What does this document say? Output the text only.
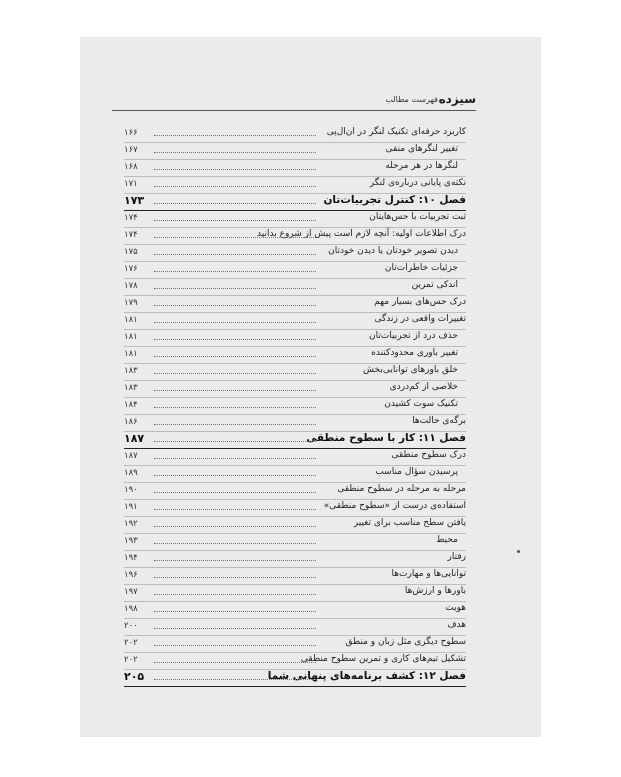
سیزده
فهرست مطالب
کاربرد حرفه‌ای تکنیک لنگر در ان‌ال‌پی
۱۶۶
تغییر لنگرهای منفی
۱۶۷
لنگرها در هر مرحله
۱۶۸
نکته‌ی پایانی درباره‌ی لنگر
۱۷۱
فصل ۱۰: کنترل تجربیات‌تان
۱۷۳
ثبت تجربیات با حس‌هایتان
۱۷۴
درک اطلاعات اولیه: آنچه لازم است پیش از شروع بدانید
۱۷۴
دیدن تصویر خودتان یا دیدن خودتان
۱۷۵
جزئیات خاطرات‌تان
۱۷۶
اندکی تمرین
۱۷۸
درک حس‌های بسیار مهم
۱۷۹
تغییرات واقعی در زندگی
۱۸۱
حذف درد از تجربیات‌تان
۱۸۱
تغییر باوری محدودکننده
۱۸۱
خلق باورهای توانایی‌بخش
۱۸۳
خلاصی از کم‌دردی
۱۸۳
تکنیک سوت کشیدن
۱۸۴
برگه‌ی حالت‌ها
۱۸۶
فصل ۱۱: کار با سطوح منطقی
۱۸۷
درک سطوح منطقی
۱۸۷
پرسیدن سؤال مناسب
۱۸۹
مرحله به مرحله در سطوح منطقی
۱۹۰
استفاده‌ی درست از «سطوح منطقی»
۱۹۱
یافتن سطح مناسب برای تغییر
۱۹۲
محیط
۱۹۳
رفتار
۱۹۴
توانایی‌ها و مهارت‌ها
۱۹۶
باورها و ارزش‌ها
۱۹۷
هویت
۱۹۸
هدف
۲۰۰
سطوح دیگری مثل زبان و منطق
۲۰۲
تشکیل تیم‌های کاری و تمرین سطوح منطقی
۲۰۲
فصل ۱۲: کشف برنامه‌های پنهانی شما
۲۰۵
